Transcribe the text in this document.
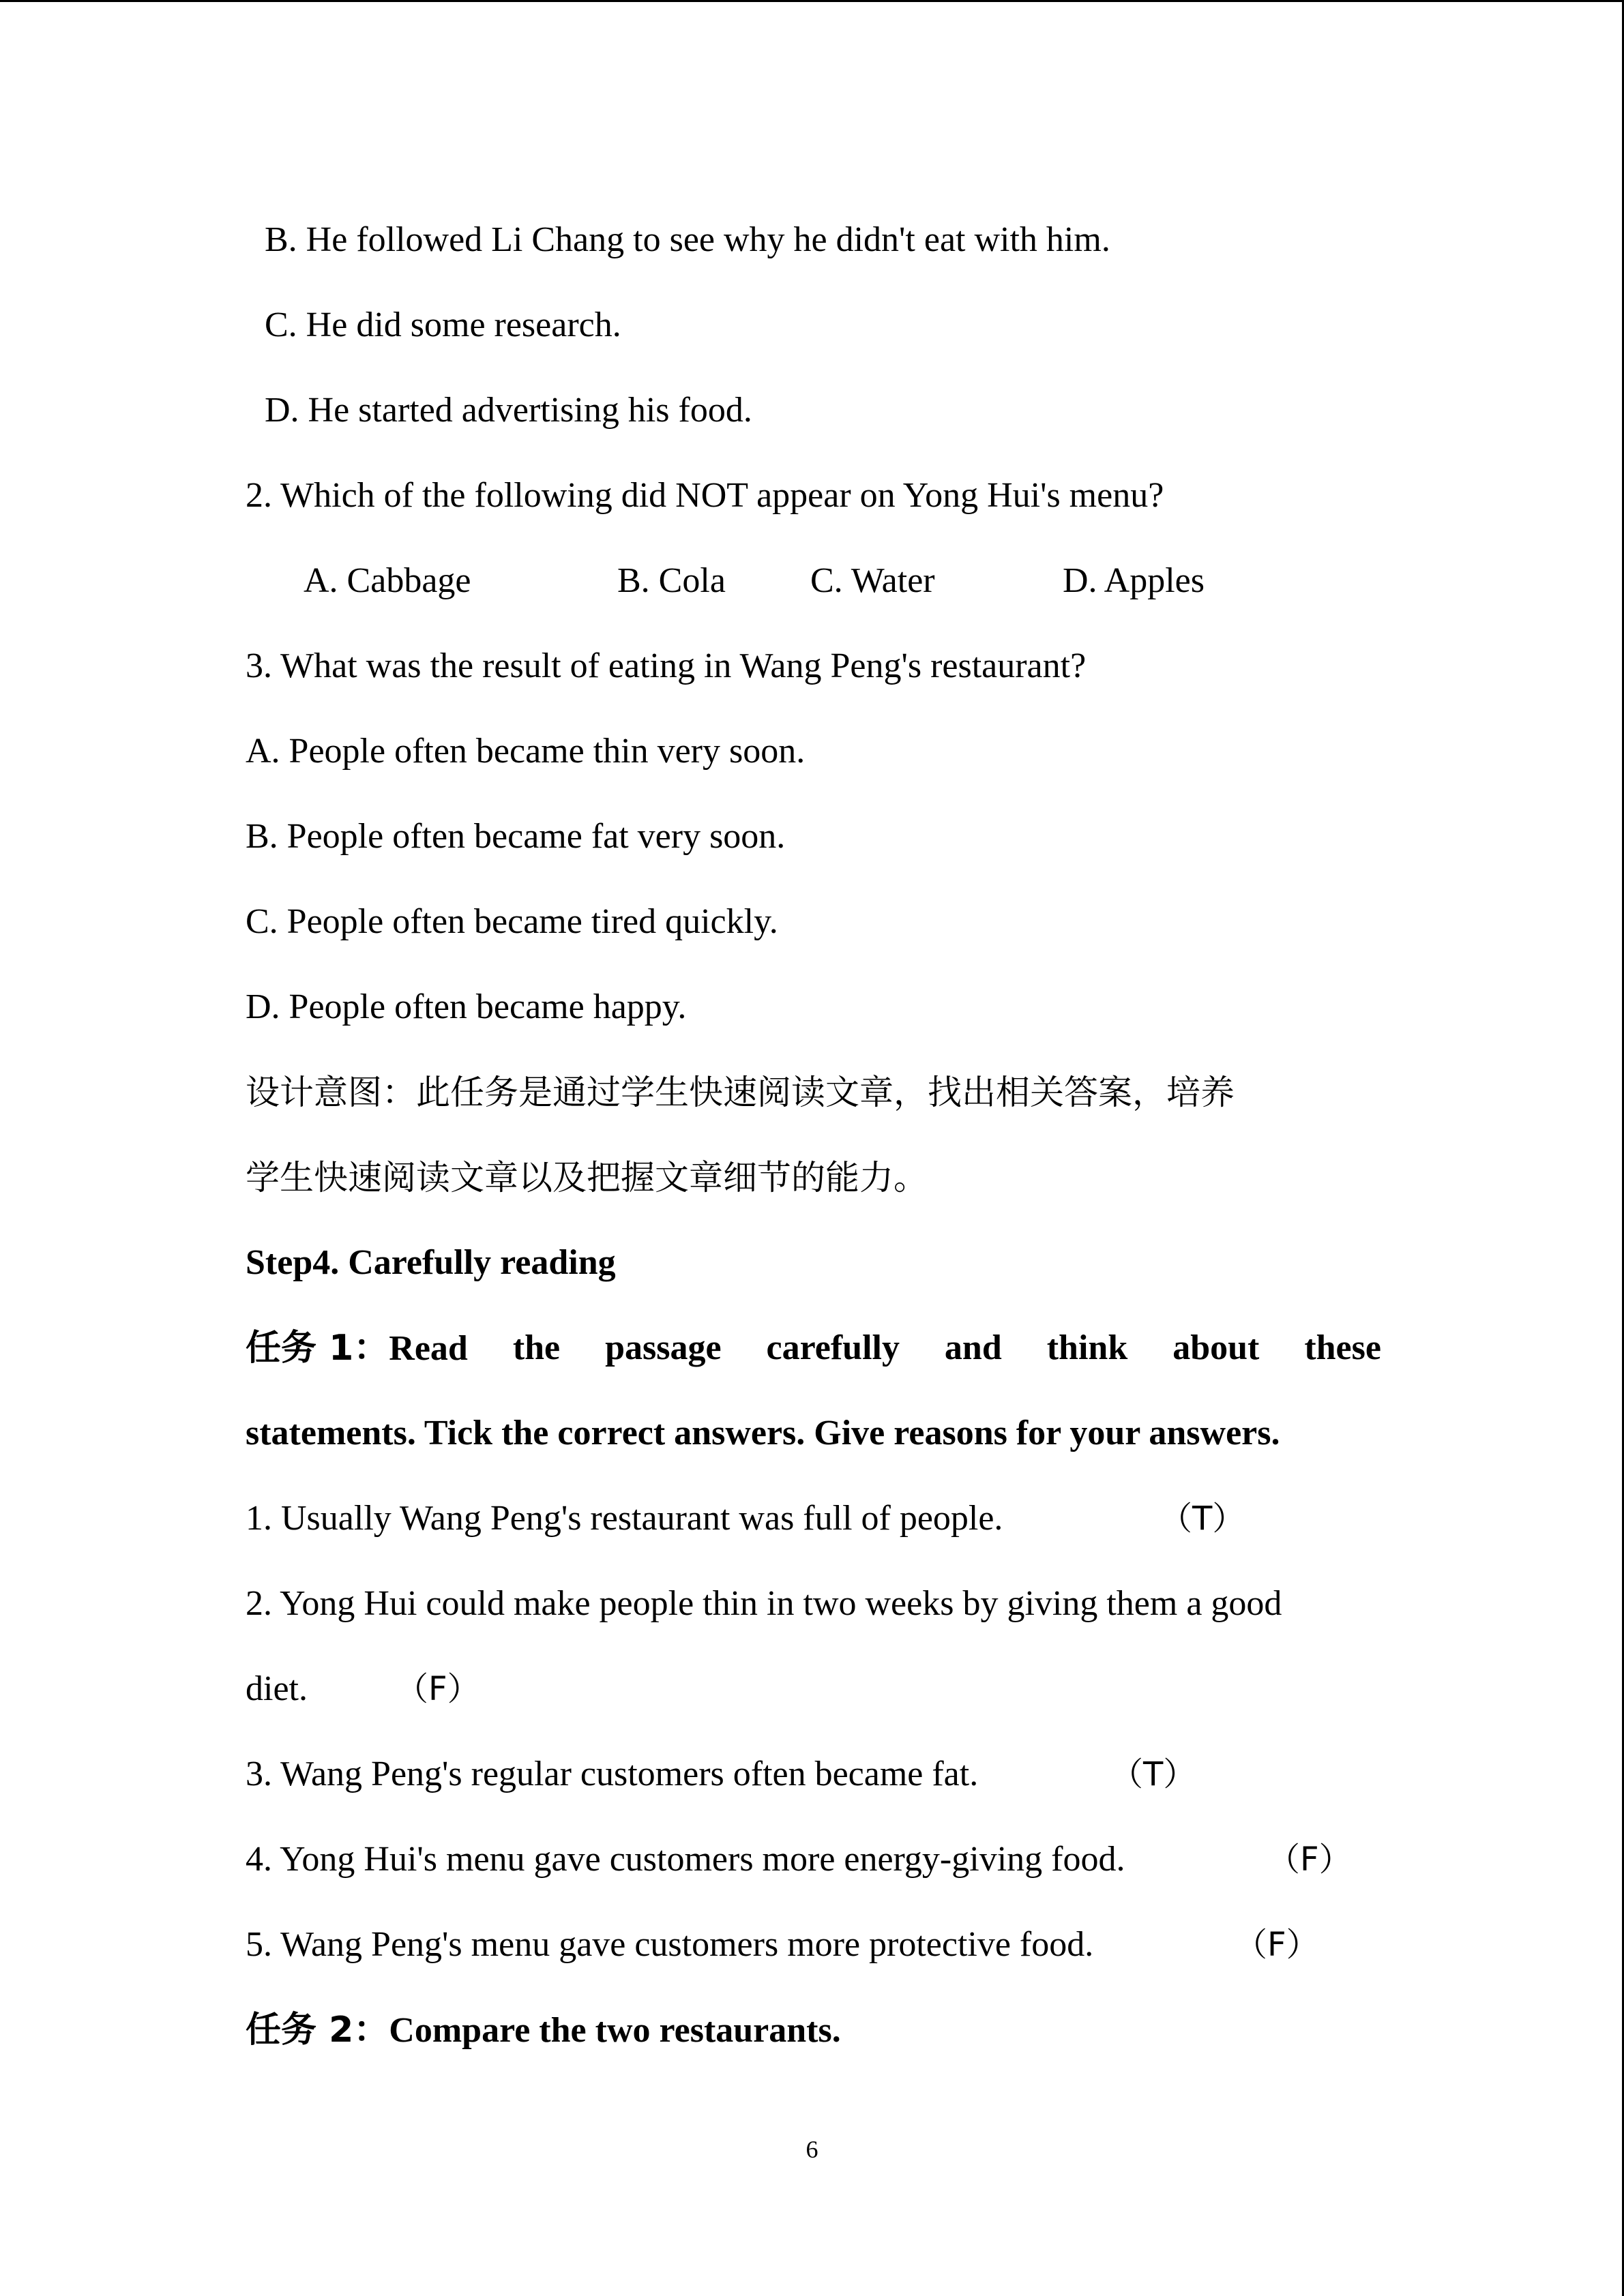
B. He followed Li Chang to see why he didn't eat with him.
C. He did some research.
D. He started advertising his food.
2. Which of the following did NOT appear on Yong Hui's menu?
A. Cabbage	B. Cola C. Water	D. Apples
3. What was the result of eating in Wang Peng's restaurant?
A. People often became thin very soon.
B. People often became fat very soon.
C. People often became tired quickly.
D. People often became happy.
设计意图：此任务是通过学生快速阅读文章，找出相关答案，培养
学生快速阅读文章以及把握文章细节的能力。
Step4. Carefully reading
任务 1：Read the passage carefully and think about these
statements. Tick the correct answers. Give reasons for your answers.
1. Usually Wang Peng's restaurant was full of people.	（T）
2. Yong Hui could make people thin in two weeks by giving them a good
diet.	（F）
3. Wang Peng's regular customers often became fat.	（T）
4. Yong Hui's menu gave customers more energy-giving food.	（F）
5. Wang Peng's menu gave customers more protective food.	（F）
任务 2：Compare the two restaurants.
6
